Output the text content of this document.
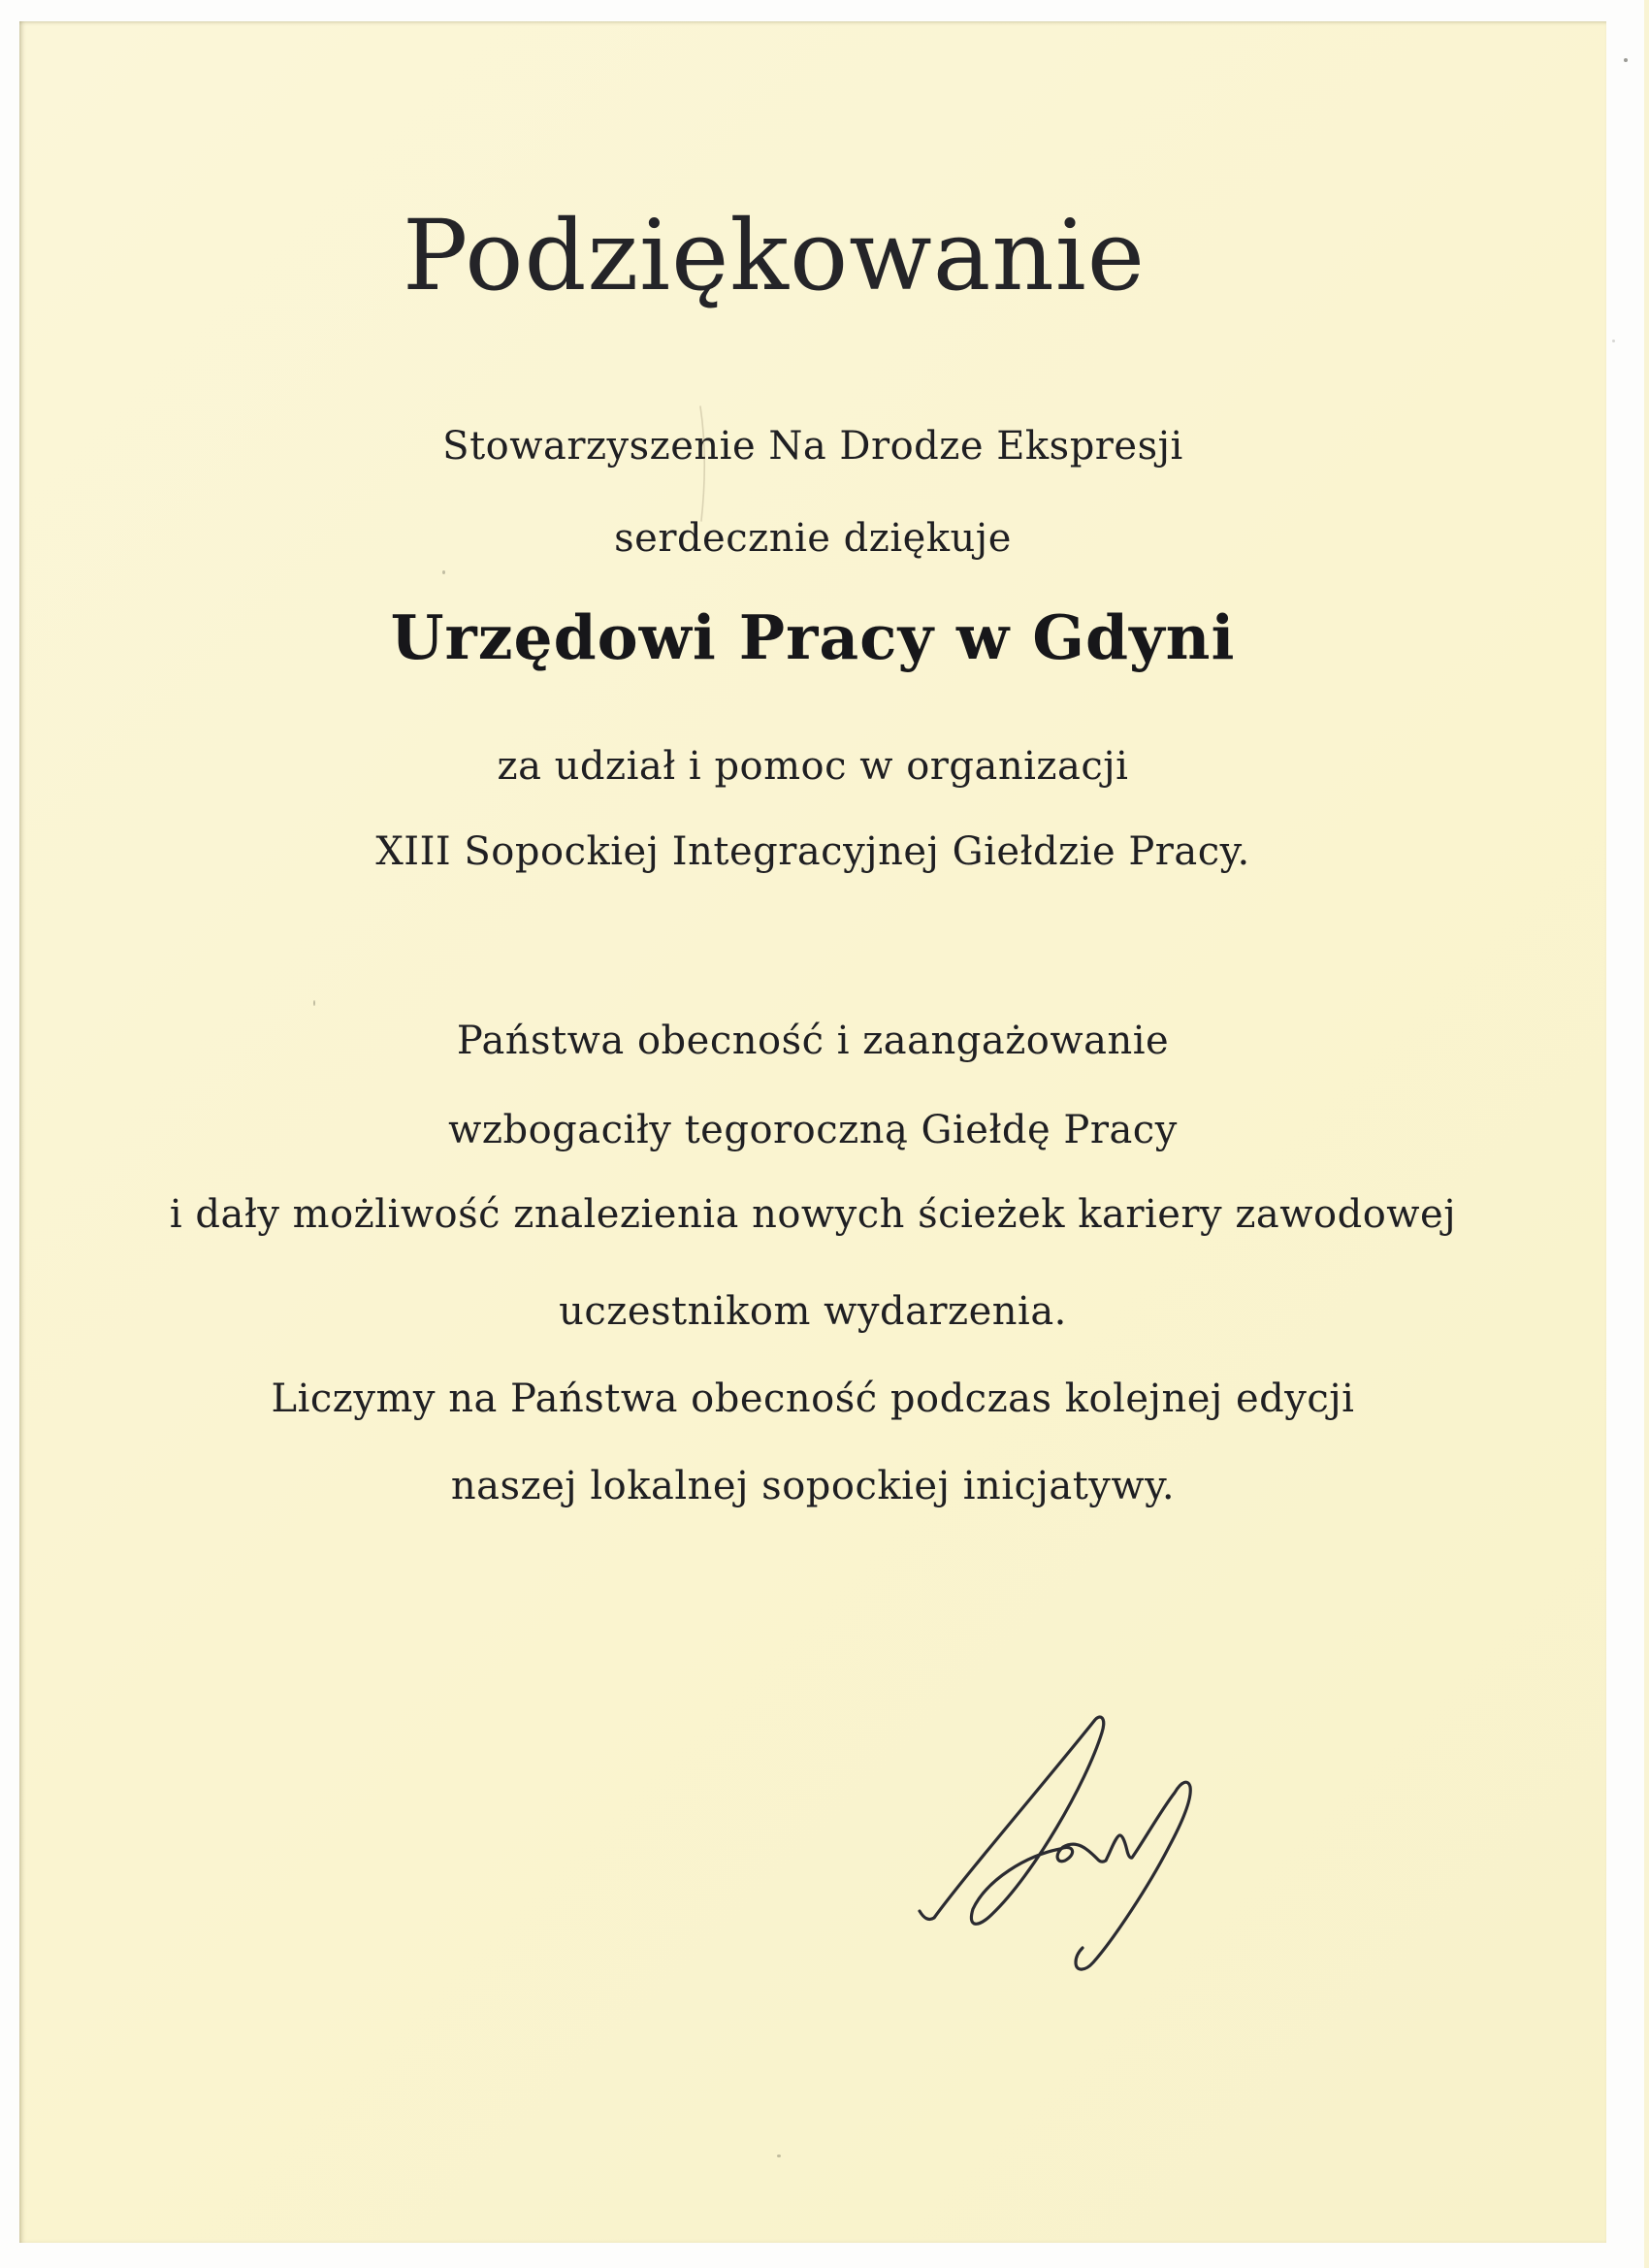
Podziękowanie
Stowarzyszenie Na Drodze Ekspresji
serdecznie dziękuje
Urzędowi Pracy w Gdyni
za udział i pomoc w organizacji
XIII Sopockiej Integracyjnej Giełdzie Pracy.
Państwa obecność i zaangażowanie
wzbogaciły tegoroczną Giełdę Pracy
i dały możliwość znalezienia nowych ścieżek kariery zawodowej
uczestnikom wydarzenia.
Liczymy na Państwa obecność podczas kolejnej edycji
naszej lokalnej sopockiej inicjatywy.
